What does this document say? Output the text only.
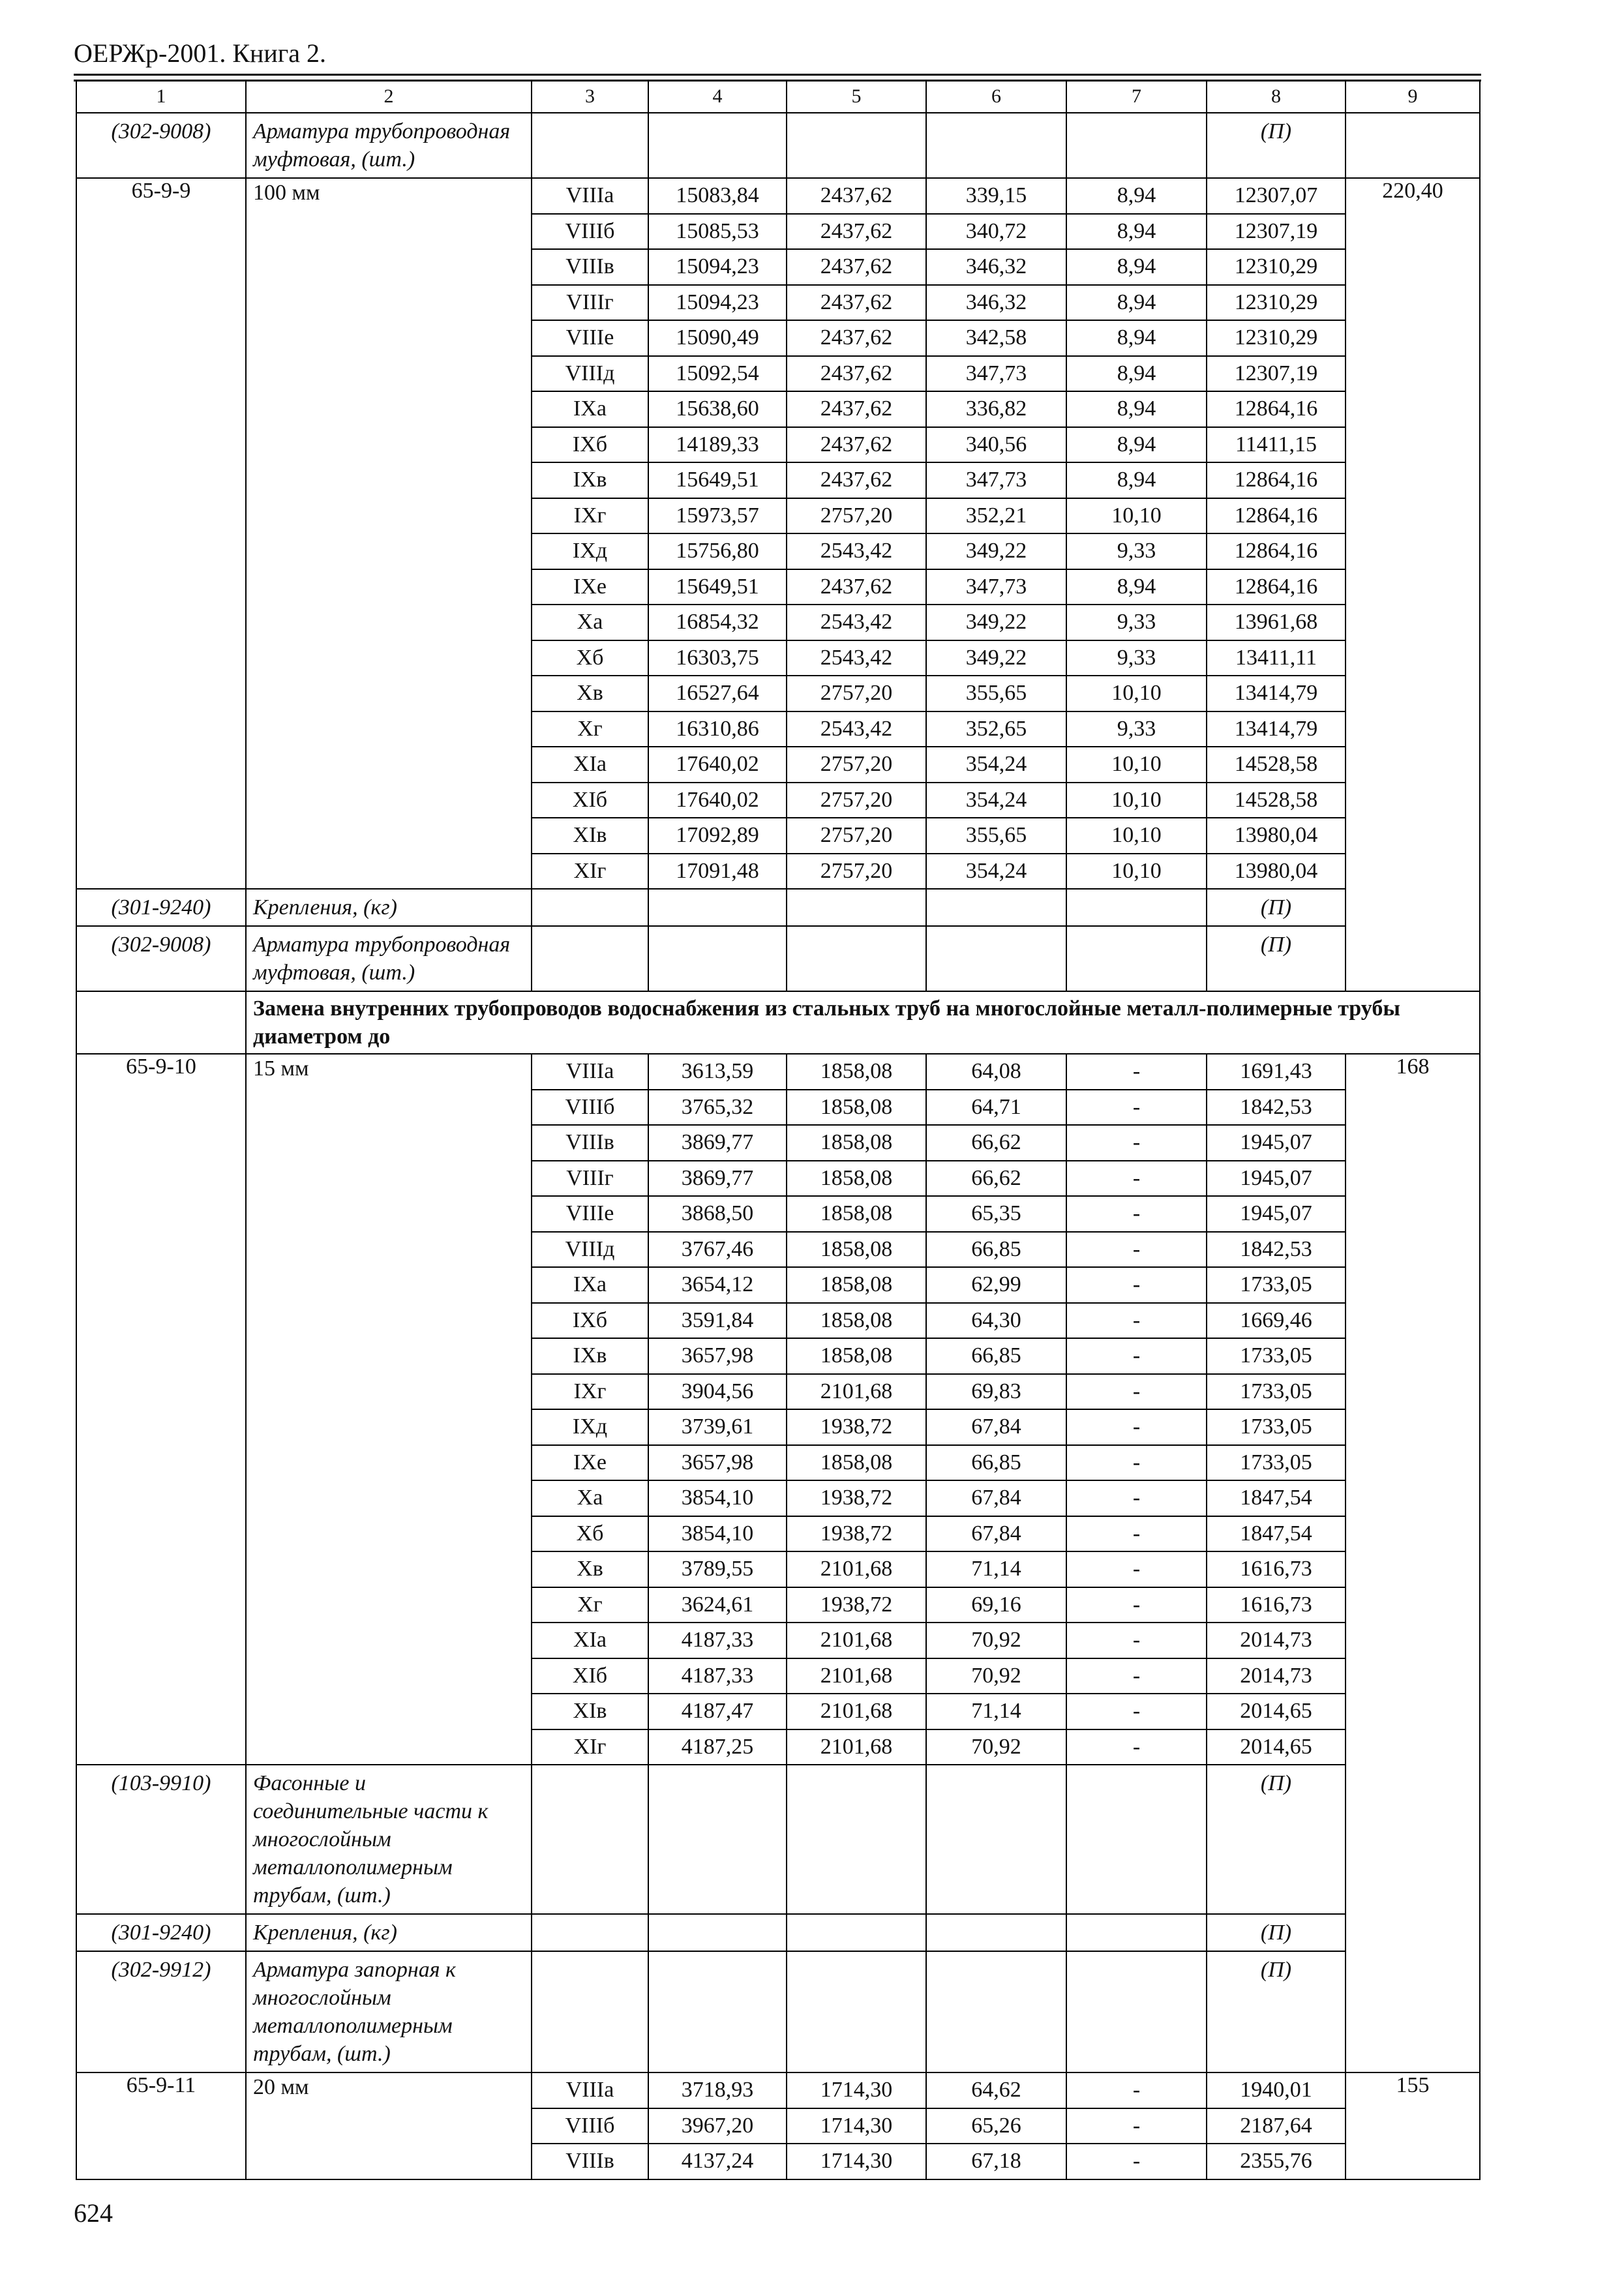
ОЕРЖр-2001. Книга 2.
1	2	3	4	5	6	7	8	9
(302-9008)	Арматура трубопроводная муфтовая, (шт.)						(П)	
65-9-9	100 мм	VIIIа	15083,84	2437,62	339,15	8,94	12307,07	220,40
		VIIIб	15085,53	2437,62	340,72	8,94	12307,19	
		VIIIв	15094,23	2437,62	346,32	8,94	12310,29	
		VIIIг	15094,23	2437,62	346,32	8,94	12310,29	
		VIIIе	15090,49	2437,62	342,58	8,94	12310,29	
		VIIIд	15092,54	2437,62	347,73	8,94	12307,19	
		IXа	15638,60	2437,62	336,82	8,94	12864,16	
		IXб	14189,33	2437,62	340,56	8,94	11411,15	
		IXв	15649,51	2437,62	347,73	8,94	12864,16	
		IXг	15973,57	2757,20	352,21	10,10	12864,16	
		IXд	15756,80	2543,42	349,22	9,33	12864,16	
		IXе	15649,51	2437,62	347,73	8,94	12864,16	
		Xа	16854,32	2543,42	349,22	9,33	13961,68	
		Xб	16303,75	2543,42	349,22	9,33	13411,11	
		Xв	16527,64	2757,20	355,65	10,10	13414,79	
		Xг	16310,86	2543,42	352,65	9,33	13414,79	
		XIа	17640,02	2757,20	354,24	10,10	14528,58	
		XIб	17640,02	2757,20	354,24	10,10	14528,58	
		XIв	17092,89	2757,20	355,65	10,10	13980,04	
		XIг	17091,48	2757,20	354,24	10,10	13980,04	
(301-9240)	Крепления, (кг)						(П)	
(302-9008)	Арматура трубопроводная муфтовая, (шт.)						(П)	
	Замена внутренних трубопроводов водоснабжения из стальных труб на многослойные металл-полимерные трубы диаметром до							
65-9-10	15 мм	VIIIа	3613,59	1858,08	64,08	-	1691,43	168
		VIIIб	3765,32	1858,08	64,71	-	1842,53	
		VIIIв	3869,77	1858,08	66,62	-	1945,07	
		VIIIг	3869,77	1858,08	66,62	-	1945,07	
		VIIIе	3868,50	1858,08	65,35	-	1945,07	
		VIIIд	3767,46	1858,08	66,85	-	1842,53	
		IXа	3654,12	1858,08	62,99	-	1733,05	
		IXб	3591,84	1858,08	64,30	-	1669,46	
		IXв	3657,98	1858,08	66,85	-	1733,05	
		IXг	3904,56	2101,68	69,83	-	1733,05	
		IXд	3739,61	1938,72	67,84	-	1733,05	
		IXе	3657,98	1858,08	66,85	-	1733,05	
		Xа	3854,10	1938,72	67,84	-	1847,54	
		Xб	3854,10	1938,72	67,84	-	1847,54	
		Xв	3789,55	2101,68	71,14	-	1616,73	
		Xг	3624,61	1938,72	69,16	-	1616,73	
		XIа	4187,33	2101,68	70,92	-	2014,73	
		XIб	4187,33	2101,68	70,92	-	2014,73	
		XIв	4187,47	2101,68	71,14	-	2014,65	
		XIг	4187,25	2101,68	70,92	-	2014,65	
(103-9910)	Фасонные и соединительные части к многослойным металлополимерным трубам, (шт.)						(П)	
(301-9240)	Крепления, (кг)						(П)	
(302-9912)	Арматура запорная к многослойным металлополимерным трубам, (шт.)						(П)	
65-9-11	20 мм	VIIIа	3718,93	1714,30	64,62	-	1940,01	155
		VIIIб	3967,20	1714,30	65,26	-	2187,64	
		VIIIв	4137,24	1714,30	67,18	-	2355,76	
624
